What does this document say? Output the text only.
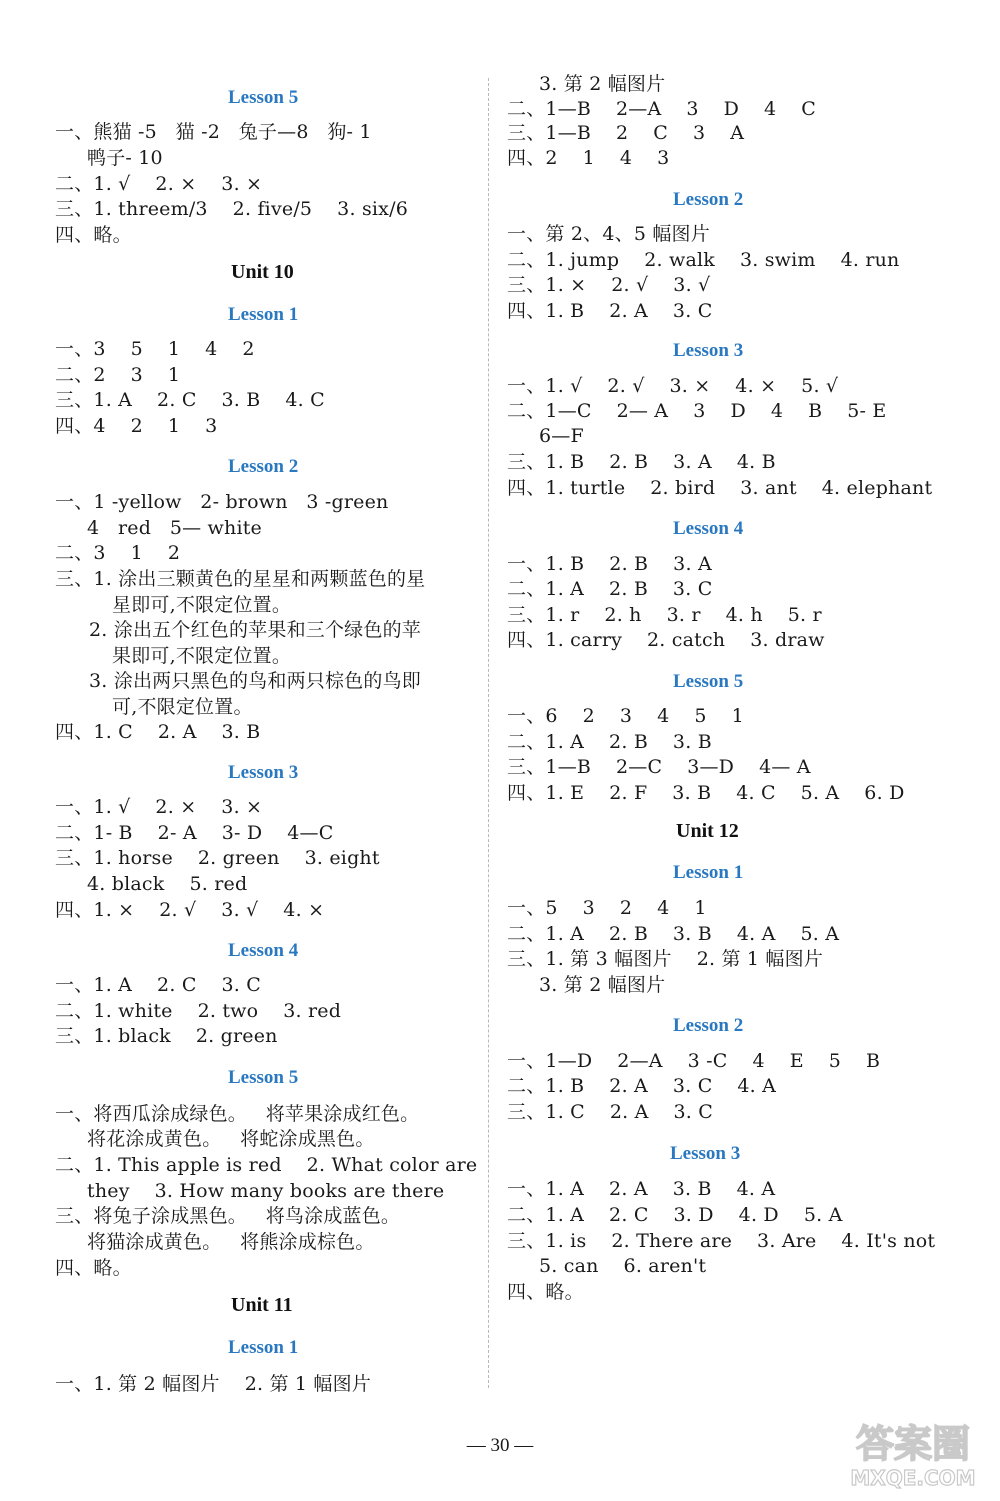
Lesson 5
一、熊猫 -5   猫 -2   兔子—8   狗- 1
鸭子- 10
二、1. √    2. ×    3. ×
三、1. threem/3    2. five/5    3. six/6
四、略。
Unit 10
Lesson 1
一、3    5    1    4    2
二、2    3    1
三、1. A    2. C    3. B    4. C
四、4    2    1    3
Lesson 2
一、1 -yellow   2- brown   3 -green
4   red   5— white
二、3    1    2
三、1. 涂出三颗黄色的星星和两颗蓝色的星
星即可,不限定位置。
2. 涂出五个红色的苹果和三个绿色的苹
果即可,不限定位置。
3. 涂出两只黑色的鸟和两只棕色的鸟即
可,不限定位置。
四、1. C    2. A    3. B
Lesson 3
一、1. √    2. ×    3. ×
二、1- B    2- A    3- D    4—C
三、1. horse    2. green    3. eight
4. black    5. red
四、1. ×    2. √    3. √    4. ×
Lesson 4
一、1. A    2. C    3. C
二、1. white    2. two    3. red
三、1. black    2. green
Lesson 5
一、将西瓜涂成绿色。   将苹果涂成红色。
将花涂成黄色。   将蛇涂成黑色。
二、1. This apple is red    2. What color are
they    3. How many books are there
三、将兔子涂成黑色。   将鸟涂成蓝色。
将猫涂成黄色。   将熊涂成棕色。
四、略。
Unit 11
Lesson 1
一、1. 第 2 幅图片    2. 第 1 幅图片
3. 第 2 幅图片
二、1—B    2—A    3    D    4    C
三、1—B    2    C    3    A
四、2    1    4    3
Lesson 2
一、第 2、4、5 幅图片
二、1. jump    2. walk    3. swim    4. run
三、1. ×    2. √    3. √
四、1. B    2. A    3. C
Lesson 3
一、1. √    2. √    3. ×    4. ×    5. √
二、1—C    2— A    3    D    4    B    5- E
6—F
三、1. B    2. B    3. A    4. B
四、1. turtle    2. bird    3. ant    4. elephant
Lesson 4
一、1. B    2. B    3. A
二、1. A    2. B    3. C
三、1. r    2. h    3. r    4. h    5. r
四、1. carry    2. catch    3. draw
Lesson 5
一、6    2    3    4    5    1
二、1. A    2. B    3. B
三、1—B    2—C    3—D    4— A
四、1. E    2. F    3. B    4. C    5. A    6. D
Unit 12
Lesson 1
一、5    3    2    4    1
二、1. A    2. B    3. B    4. A    5. A
三、1. 第 3 幅图片    2. 第 1 幅图片
3. 第 2 幅图片
Lesson 2
一、1—D    2—A    3 -C    4    E    5    B
二、1. B    2. A    3. C    4. A
三、1. C    2. A    3. C
Lesson 3
一、1. A    2. A    3. B    4. A
二、1. A    2. C    3. D    4. D    5. A
三、1. is    2. There are    3. Are    4. It's not
5. can    6. aren't
四、略。
— 30 —	答案圈
MXQE.COM
